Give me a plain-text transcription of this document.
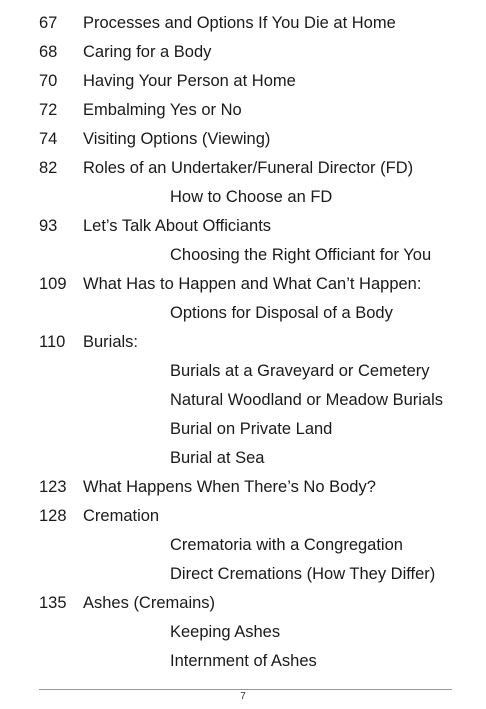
67 Processes and Options If You Die at Home
68 Caring for a Body
70 Having Your Person at Home
72 Embalming Yes or No
74 Visiting Options (Viewing)
82 Roles of an Undertaker/Funeral Director (FD)
How to Choose an FD
93 Let’s Talk About Officiants
Choosing the Right Officiant for You
109 What Has to Happen and What Can’t Happen:
Options for Disposal of a Body
110 Burials:
Burials at a Graveyard or Cemetery
Natural Woodland or Meadow Burials
Burial on Private Land
Burial at Sea
123 What Happens When There’s No Body?
128 Cremation
Crematoria with a Congregation
Direct Cremations (How They Differ)
135 Ashes (Cremains)
Keeping Ashes
Internment of Ashes
7
